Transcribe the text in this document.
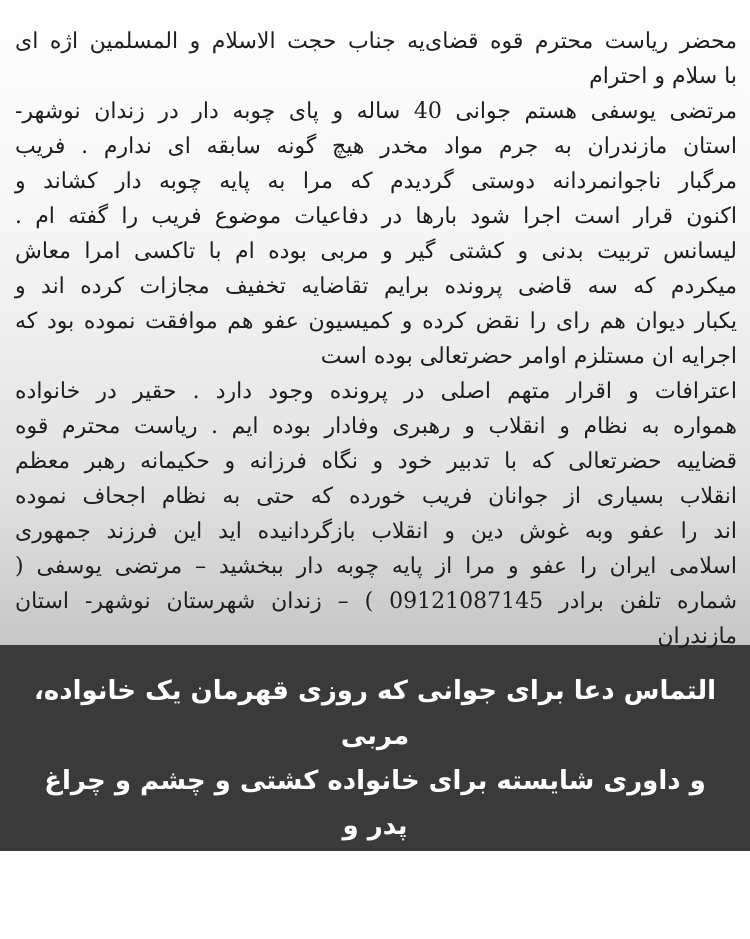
محضر ریاست محترم قوه قضای‌یه جناب حجت الاسلام و المسلمین اژه ای
با سلام و احترام
مرتضی یوسفی هستم جوانی 40 ساله و پای چوبه دار در زندان نوشهر-
استان مازندران به جرم مواد مخدر هیچ گونه سابقه ای ندارم . فریب
مرگبار ناجوانمردانه دوستی گردیدم که مرا به پایه چوبه دار کشاند و
اکنون قرار است اجرا شود بارها در دفاعیات موضوع فریب را گفته ام .
لیسانس تربیت بدنی و کشتی گیر و مربی بوده ام با تاکسی امرا معاش
میکردم که سه قاضی پرونده برایم تقاضایه تخفیف مجازات کرده اند و
یکبار دیوان هم رای را نقض کرده و کمیسیون عفو هم موافقت نموده بود که
اجرایه ان مستلزم اوامر حضرتعالی بوده است
اعترافات و اقرار متهم اصلی در پرونده وجود دارد . حقیر در خانواده
همواره به نظام و انقلاب و رهبری وفادار بوده ایم . ریاست محترم قوه
قضاییه حضرتعالی که با تدبیر خود و نگاه فرزانه و حکیمانه رهبر معظم
انقلاب بسیاری از جوانان فریب خورده که حتی به نظام اجحاف نموده
اند را عفو وبه غوش دین و انقلاب بازگردانیده اید این فرزند جمهوری
اسلامی ایران را عفو و مرا از پایه چوبه دار ببخشید – مرتضی یوسفی (
شماره تلفن برادر 09121087145 ) – زندان شهرستان نوشهر- استان
مازندران
التماس دعا برای جوانی که روزی قهرمان یک خانواده، مربی
و داوری شایسته برای خانواده کشتی و چشم و چراغ پدر و
مادری پیر بوده و در اثر غفلت و اعتماد به ناجوانمردی،
امشب آخرین فرصت او برای ماندن است...
